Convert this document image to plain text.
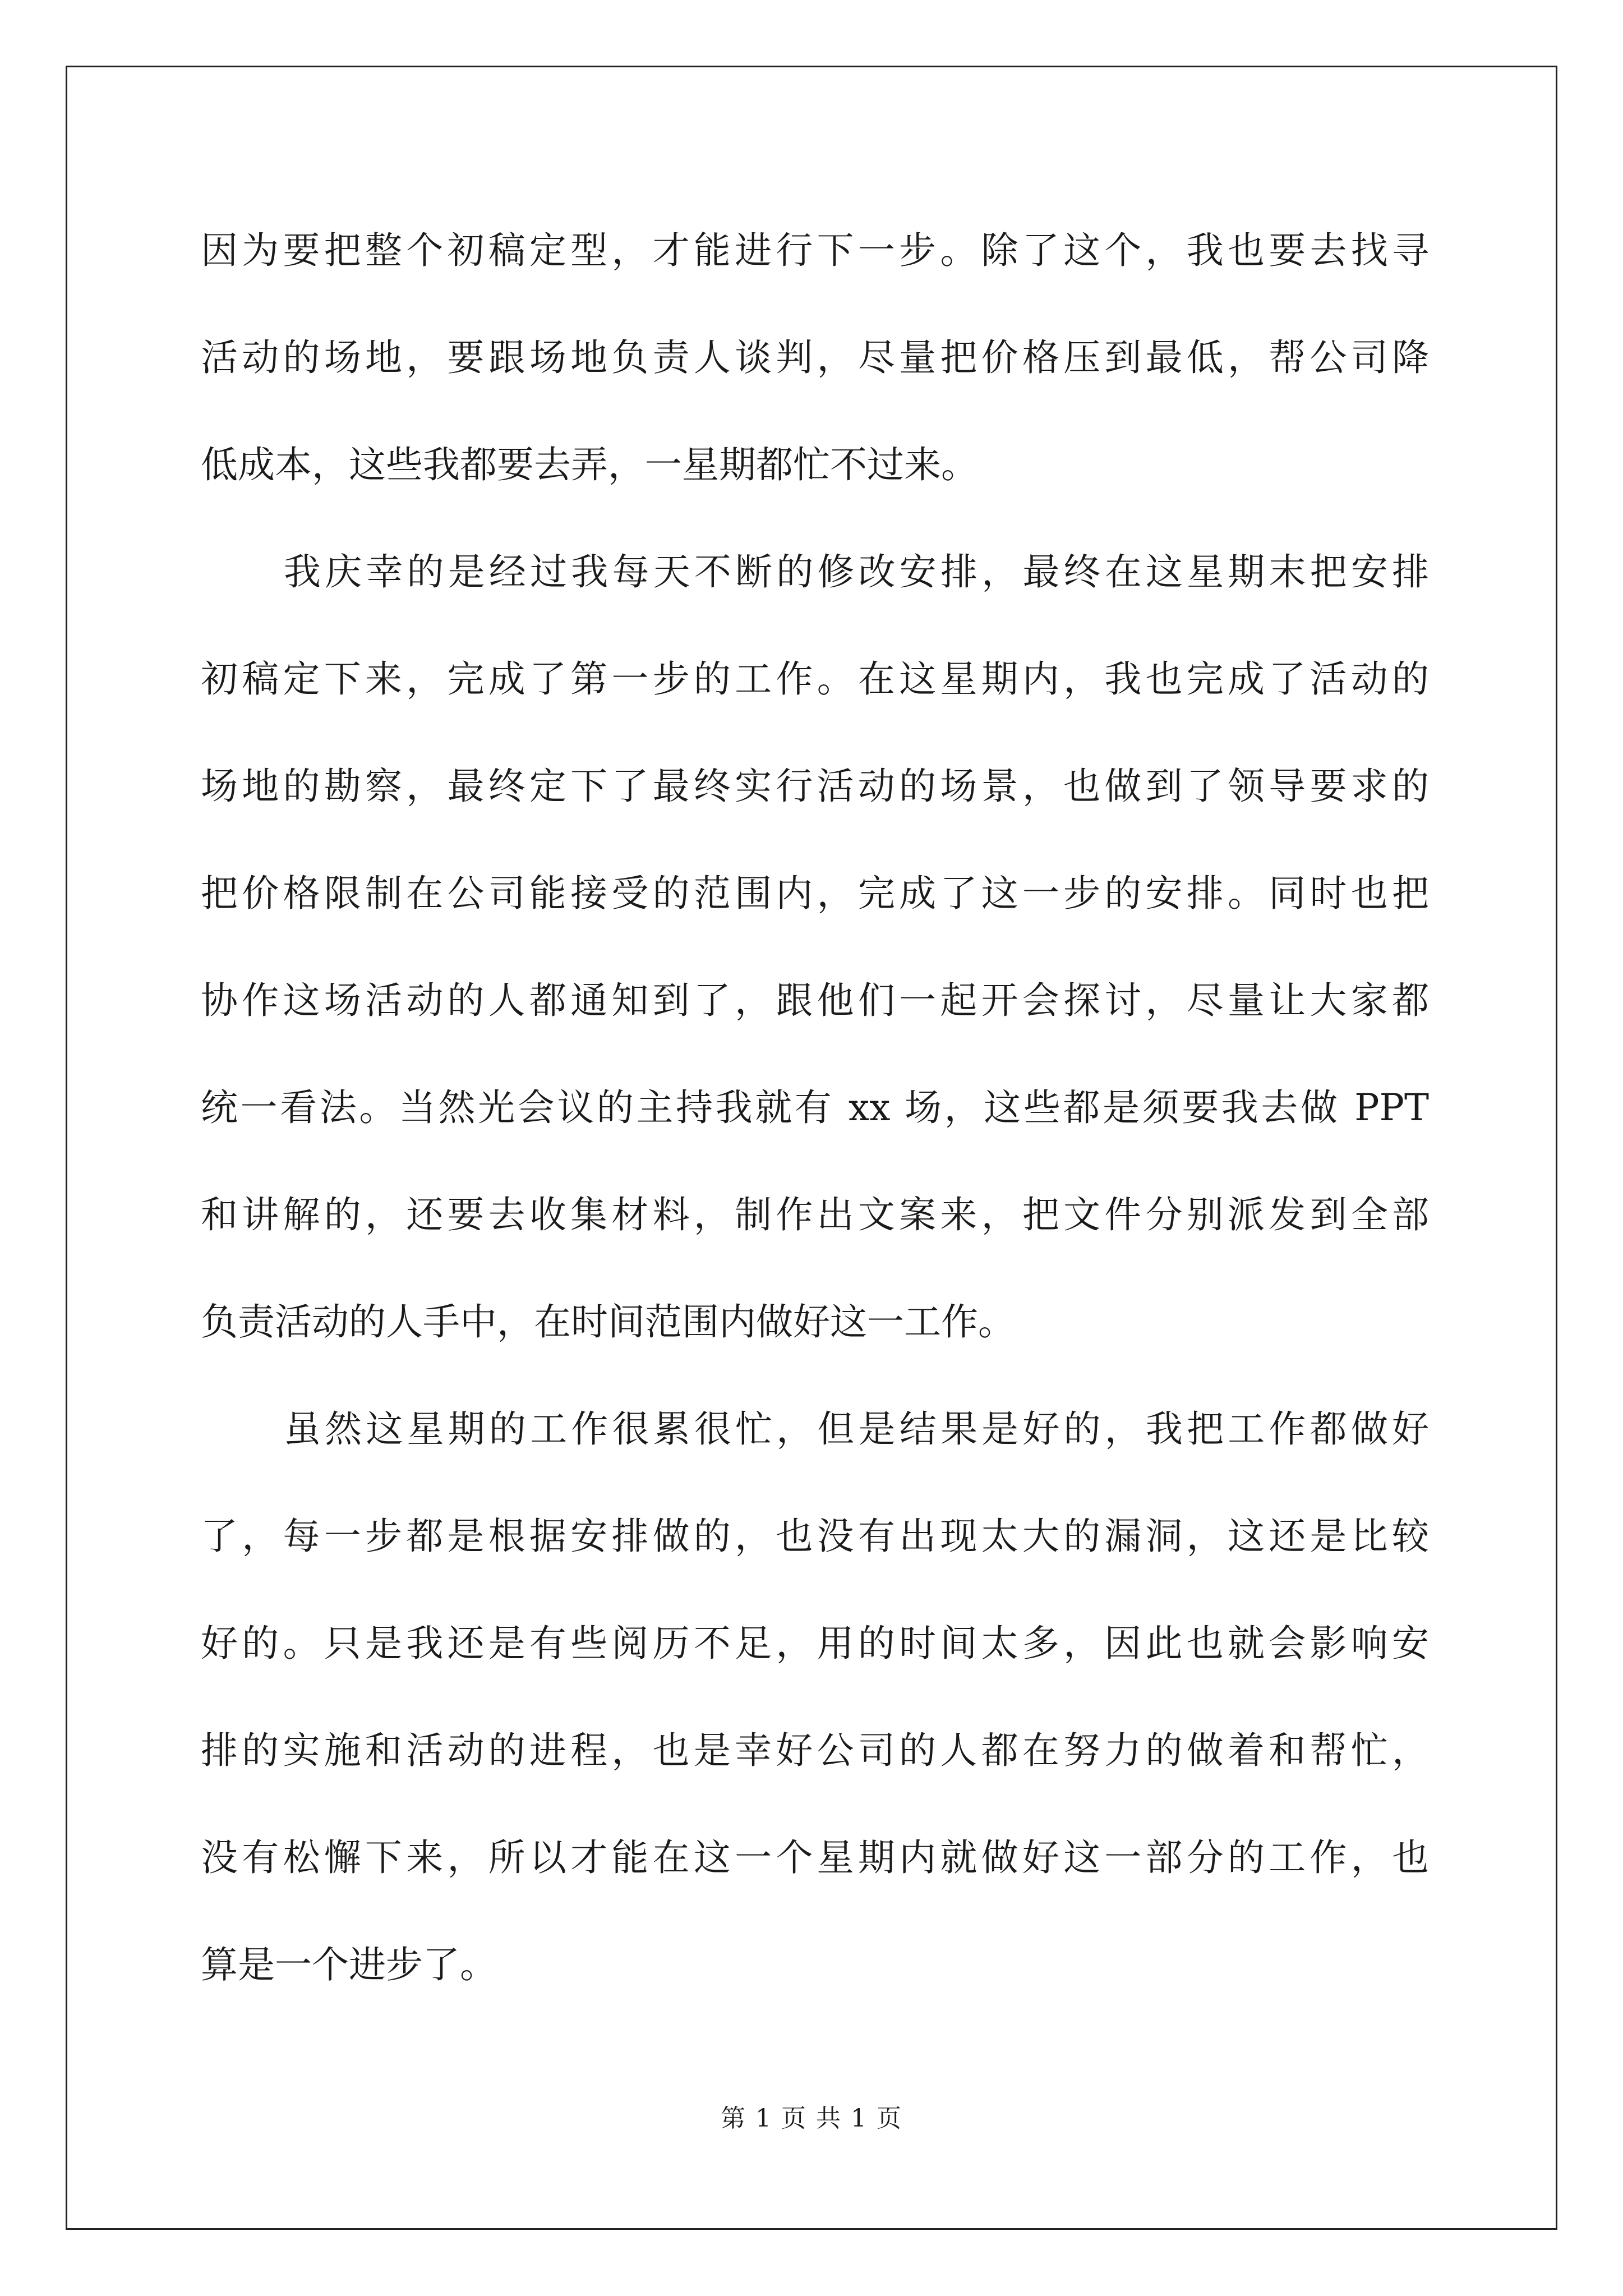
因为要把整个初稿定型，才能进行下一步。除了这个，我也要去找寻
活动的场地，要跟场地负责人谈判，尽量把价格压到最低，帮公司降
低成本，这些我都要去弄，一星期都忙不过来。
我庆幸的是经过我每天不断的修改安排，最终在这星期末把安排
初稿定下来，完成了第一步的工作。在这星期内，我也完成了活动的
场地的勘察，最终定下了最终实行活动的场景，也做到了领导要求的
把价格限制在公司能接受的范围内，完成了这一步的安排。同时也把
协作这场活动的人都通知到了，跟他们一起开会探讨，尽量让大家都
统一看法。当然光会议的主持我就有 xx 场，这些都是须要我去做 PPT
和讲解的，还要去收集材料，制作出文案来，把文件分别派发到全部
负责活动的人手中，在时间范围内做好这一工作。
虽然这星期的工作很累很忙，但是结果是好的，我把工作都做好
了，每一步都是根据安排做的，也没有出现太大的漏洞，这还是比较
好的。只是我还是有些阅历不足，用的时间太多，因此也就会影响安
排的实施和活动的进程，也是幸好公司的人都在努力的做着和帮忙，
没有松懈下来，所以才能在这一个星期内就做好这一部分的工作，也
算是一个进步了。
第 1 页 共 1 页
